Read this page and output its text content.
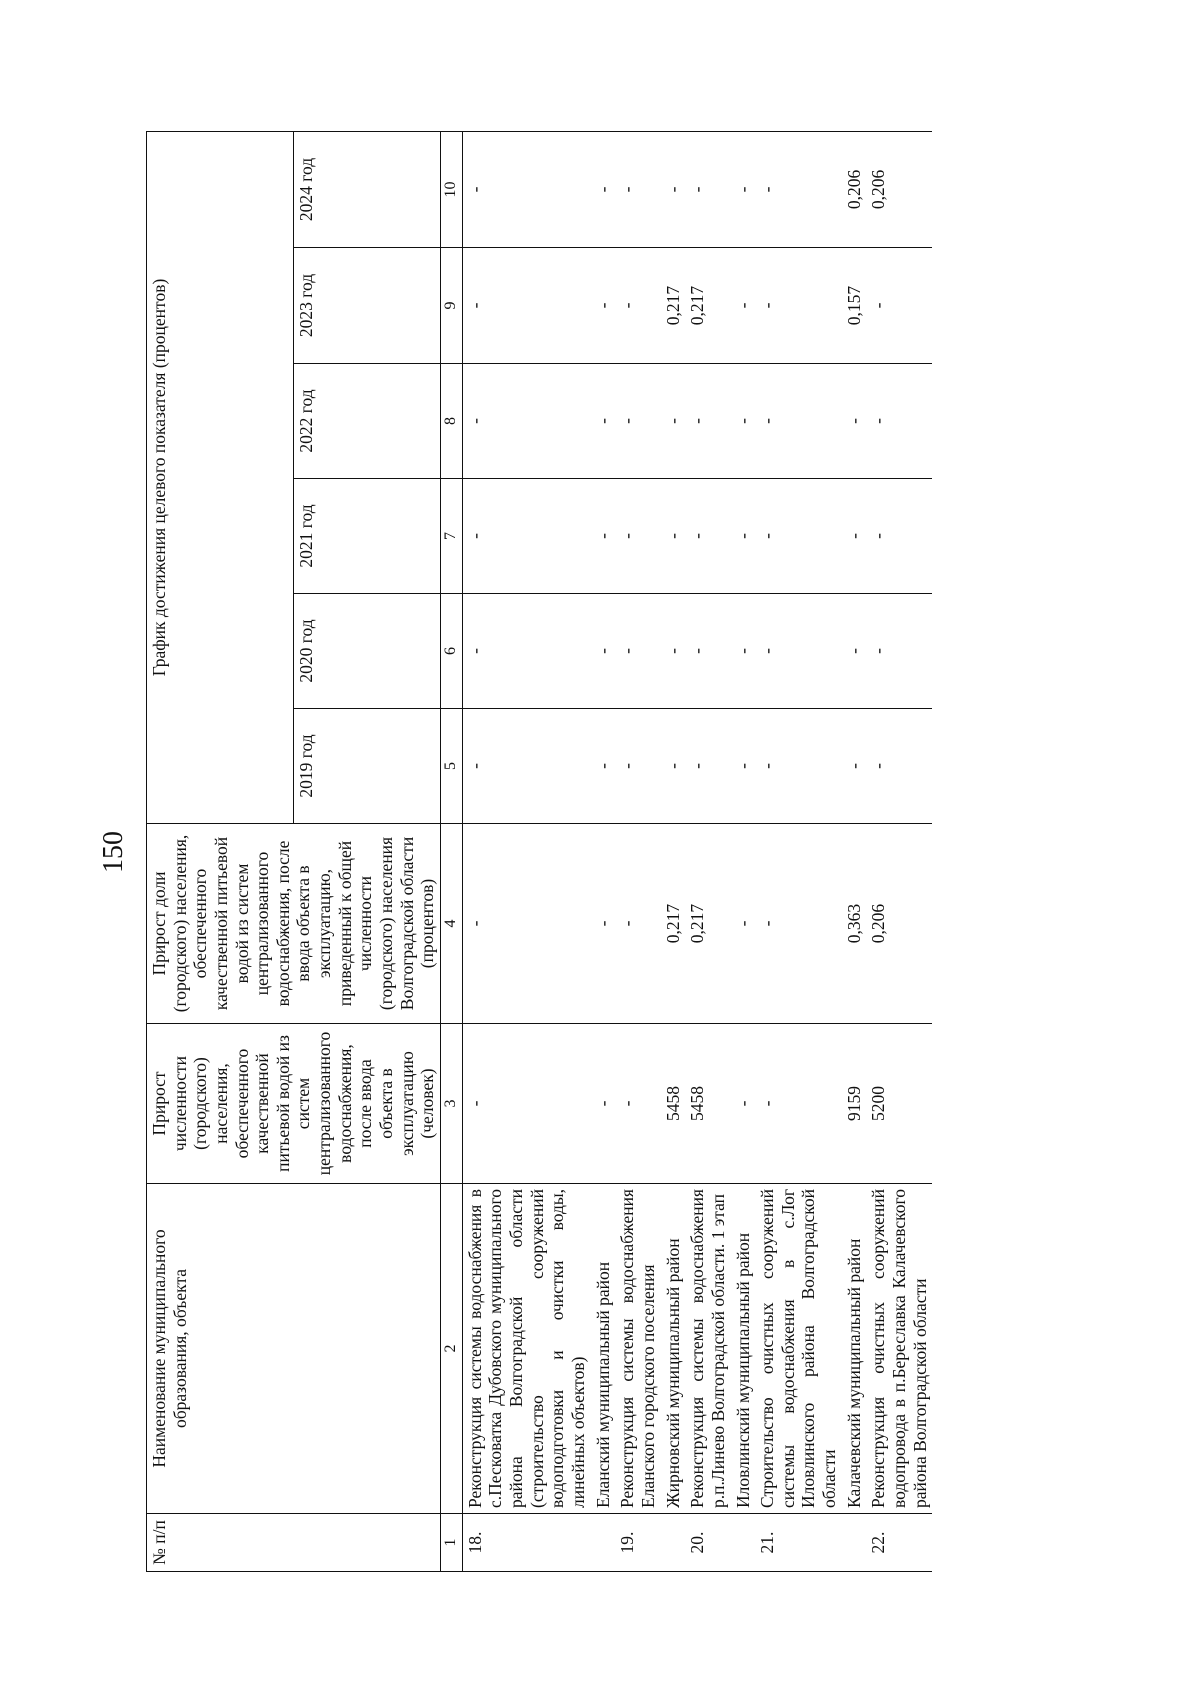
150
№ п/п	Наименование муниципального образования, объекта	Прирост численности (городского) населения, обеспеченного качественной питьевой водой из систем централизованного водоснабжения, после ввода объекта в эксплуатацию (человек)	Прирост доли (городского) населения, обеспеченного качественной питьевой водой из систем централизованного водоснабжения, после ввода объекта в эксплуатацию, приведенный к общей численности (городского) населения Волгоградской области (процентов)	График достижения целевого показателя (процентов)					
				2019 год	2020 год	2021 год	2022 год	2023 год	2024 год
1	2	3	4	5	6	7	8	9	10
18.	Реконструкция системы водоснабжения в с.Песковатка Дубовского муниципального района Волгоградской области (строительство сооружений водоподготовки и очистки воды, линейных объектов)	-	-	-	-	-	-	-	-
	Еланский муниципальный район	-	-	-	-	-	-	-	-
19.	Реконструкция системы водоснабжения Еланского городского поселения	-	-	-	-	-	-	-	-
	Жирновский муниципальный район	5458	0,217	-	-	-	-	0,217	-
20.	Реконструкция системы водоснабжения р.п.Линево Волгоградской области. 1 этап	5458	0,217	-	-	-	-	0,217	-
	Иловлинский муниципальный район	-	-	-	-	-	-	-	-
21.	Строительство очистных сооружений системы водоснабжения в с.Лог Иловлинского района Волгоградской области	-	-	-	-	-	-	-	-
	Калачевский муниципальный район	9159	0,363	-	-	-	-	0,157	0,206
22.	Реконструкция очистных сооружений водопровода в п.Береславка Калачевского района Волгоградской области	5200	0,206	-	-	-	-	-	0,206
